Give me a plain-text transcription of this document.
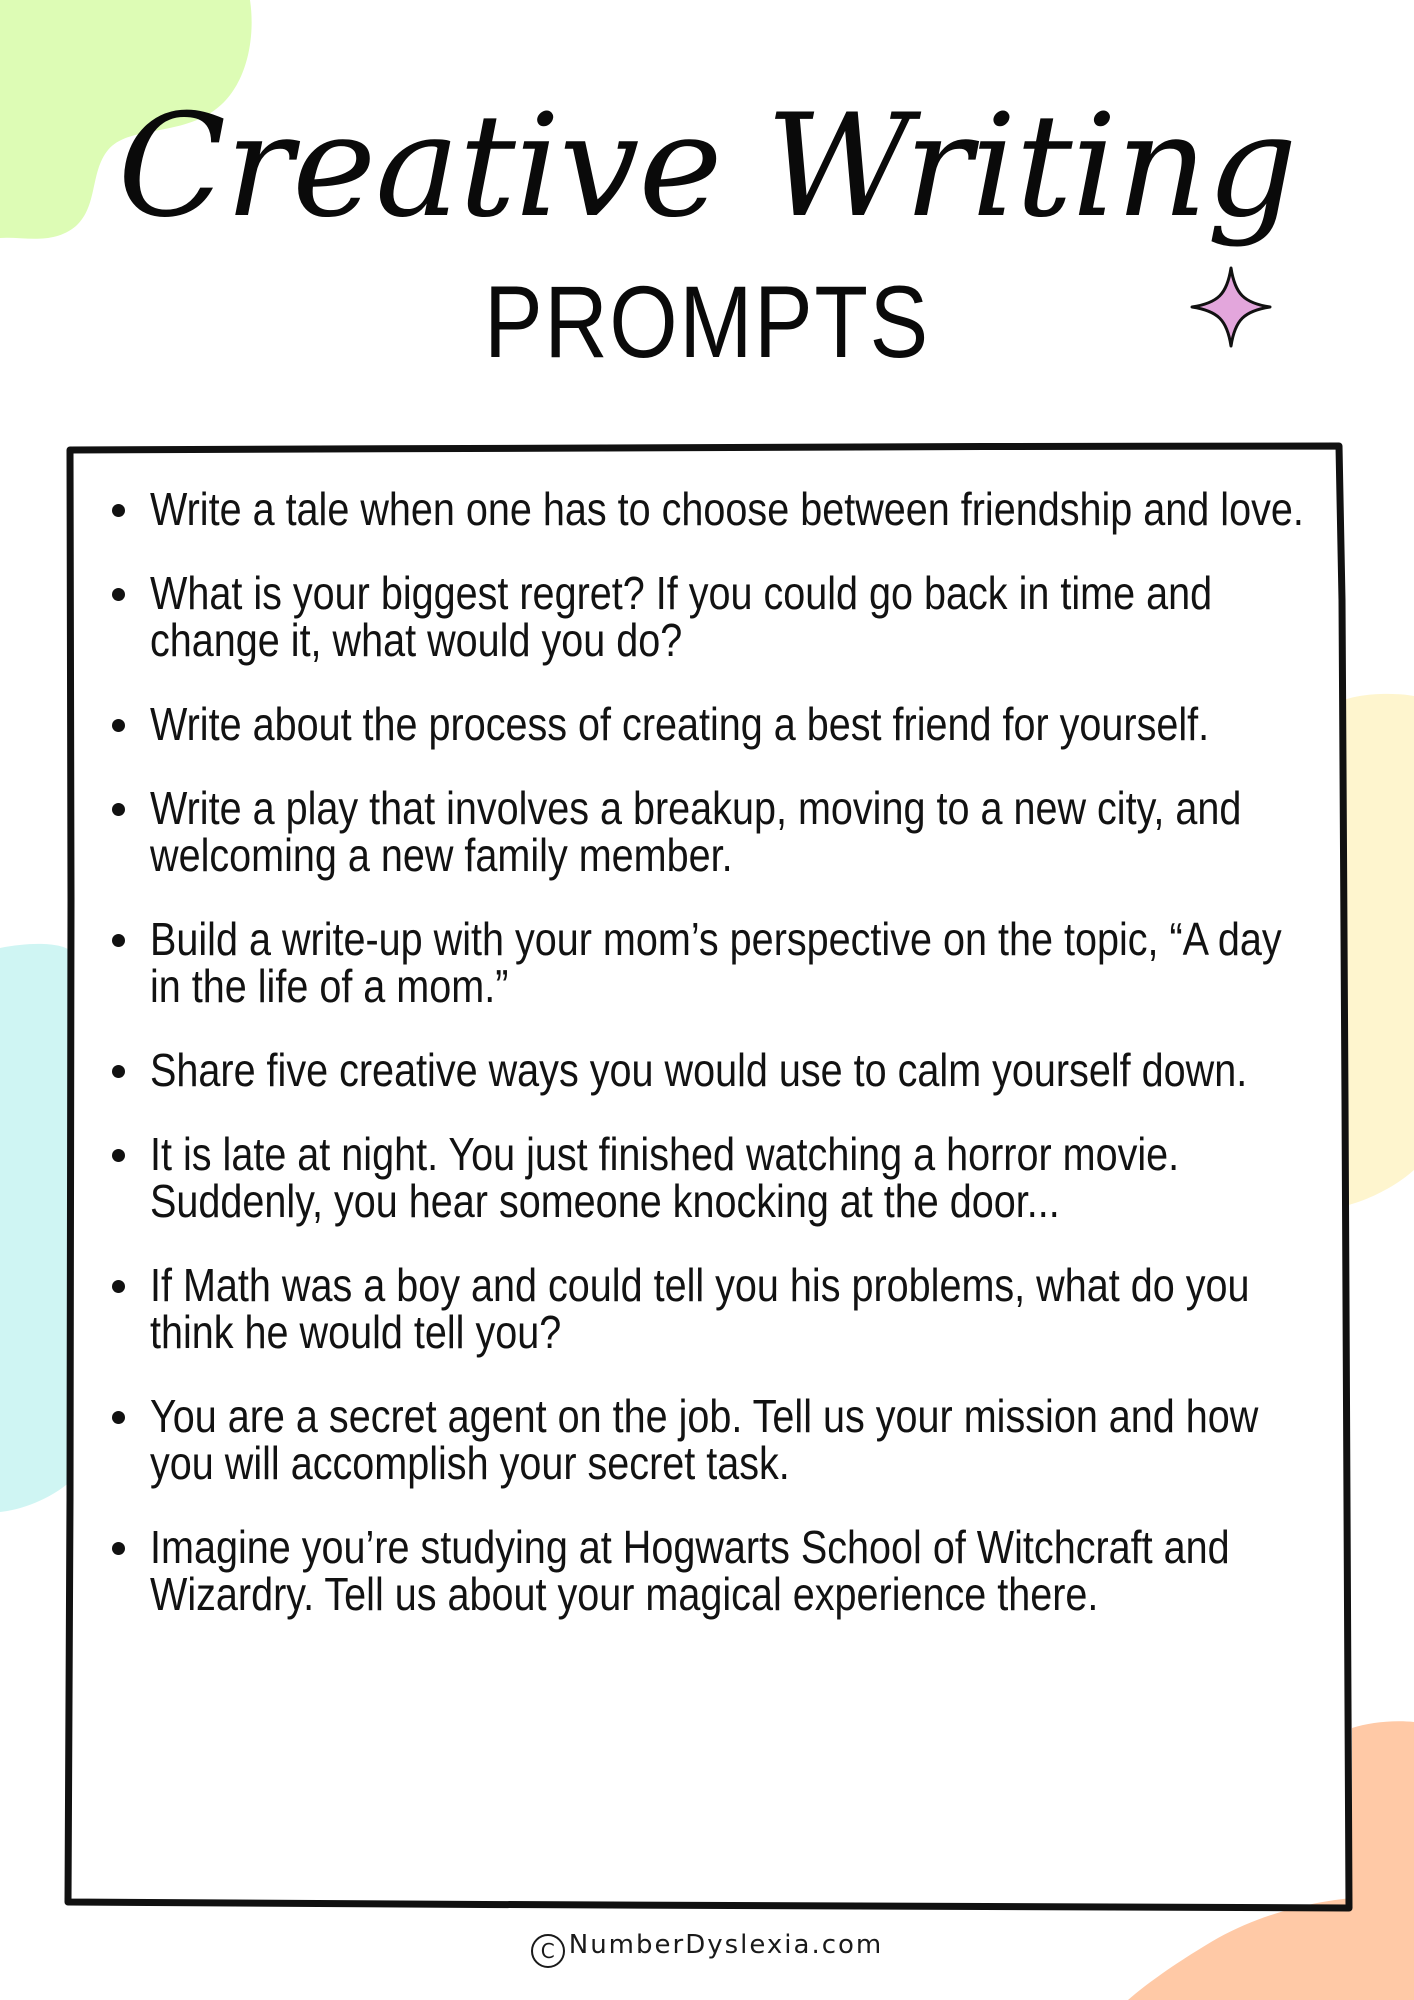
Creative Writing
PROMPTS
Write a tale when one has to choose between friendship and love.
What is your biggest regret? If you could go back in time and change it, what would you do?
Write about the process of creating a best friend for yourself.
Write a play that involves a breakup, moving to a new city, and welcoming a new family member.
Build a write-up with your mom’s perspective on the topic, “A day in the life of a mom.”
Share five creative ways you would use to calm yourself down.
It is late at night. You just finished watching a horror movie. Suddenly, you hear someone knocking at the door...
If Math was a boy and could tell you his problems, what do you think he would tell you?
You are a secret agent on the job. Tell us your mission and how you will accomplish your secret task.
Imagine you’re studying at Hogwarts School of Witchcraft and Wizardry. Tell us about your magical experience there.
C NumberDyslexia.com
